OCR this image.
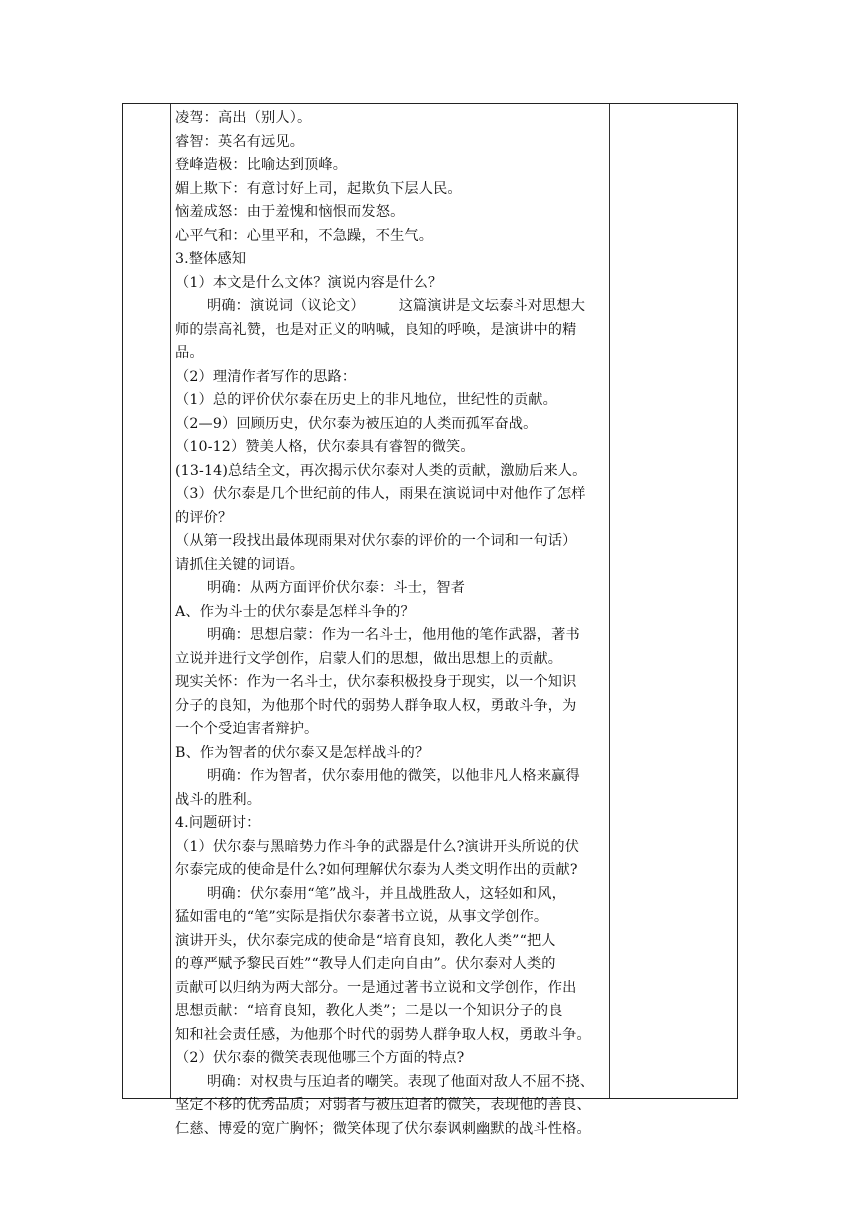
凌驾：高出（别人）。
睿智：英名有远见。
登峰造极：比喻达到顶峰。
媚上欺下：有意讨好上司，起欺负下层人民。
恼羞成怒：由于羞愧和恼恨而发怒。
心平气和：心里平和，不急躁，不生气。
3.整体感知
（1）本文是什么文体？演说内容是什么？
明确：演说词（议论文） 这篇演讲是文坛泰斗对思想大
师的崇高礼赞，也是对正义的呐喊，良知的呼唤，是演讲中的精
品。
（2）理清作者写作的思路：
（1）总的评价伏尔泰在历史上的非凡地位，世纪性的贡献。
（2—9）回顾历史，伏尔泰为被压迫的人类而孤军奋战。
（10-12）赞美人格，伏尔泰具有睿智的微笑。
(13-14)总结全文，再次揭示伏尔泰对人类的贡献，激励后来人。
（3）伏尔泰是几个世纪前的伟人，雨果在演说词中对他作了怎样
的评价？
（从第一段找出最体现雨果对伏尔泰的评价的一个词和一句话）
请抓住关键的词语。
明确：从两方面评价伏尔泰：斗士，智者
A、作为斗士的伏尔泰是怎样斗争的？
明确：思想启蒙：作为一名斗士，他用他的笔作武器，著书
立说并进行文学创作，启蒙人们的思想，做出思想上的贡献。
现实关怀：作为一名斗士，伏尔泰积极投身于现实，以一个知识
分子的良知，为他那个时代的弱势人群争取人权，勇敢斗争，为
一个个受迫害者辩护。
B、作为智者的伏尔泰又是怎样战斗的？
明确：作为智者，伏尔泰用他的微笑，以他非凡人格来赢得
战斗的胜利。
4.问题研讨：
（1）伏尔泰与黑暗势力作斗争的武器是什么?演讲开头所说的伏
尔泰完成的使命是什么?如何理解伏尔泰为人类文明作出的贡献?
明确：伏尔泰用“笔”战斗，并且战胜敌人，这轻如和风，
猛如雷电的“笔”实际是指伏尔泰著书立说，从事文学创作。
演讲开头，伏尔泰完成的使命是“培育良知，教化人类”“把人
的尊严赋予黎民百姓”“教导人们走向自由”。伏尔泰对人类的
贡献可以归纳为两大部分。一是通过著书立说和文学创作，作出
思想贡献：“培育良知，教化人类”；二是以一个知识分子的良
知和社会责任感，为他那个时代的弱势人群争取人权，勇敢斗争。
（2）伏尔泰的微笑表现他哪三个方面的特点?
明确：对权贵与压迫者的嘲笑。表现了他面对敌人不屈不挠、
坚定不移的优秀品质；对弱者与被压迫者的微笑，表现他的善良、
仁慈、博爱的宽广胸怀；微笑体现了伏尔泰讽刺幽默的战斗性格。
